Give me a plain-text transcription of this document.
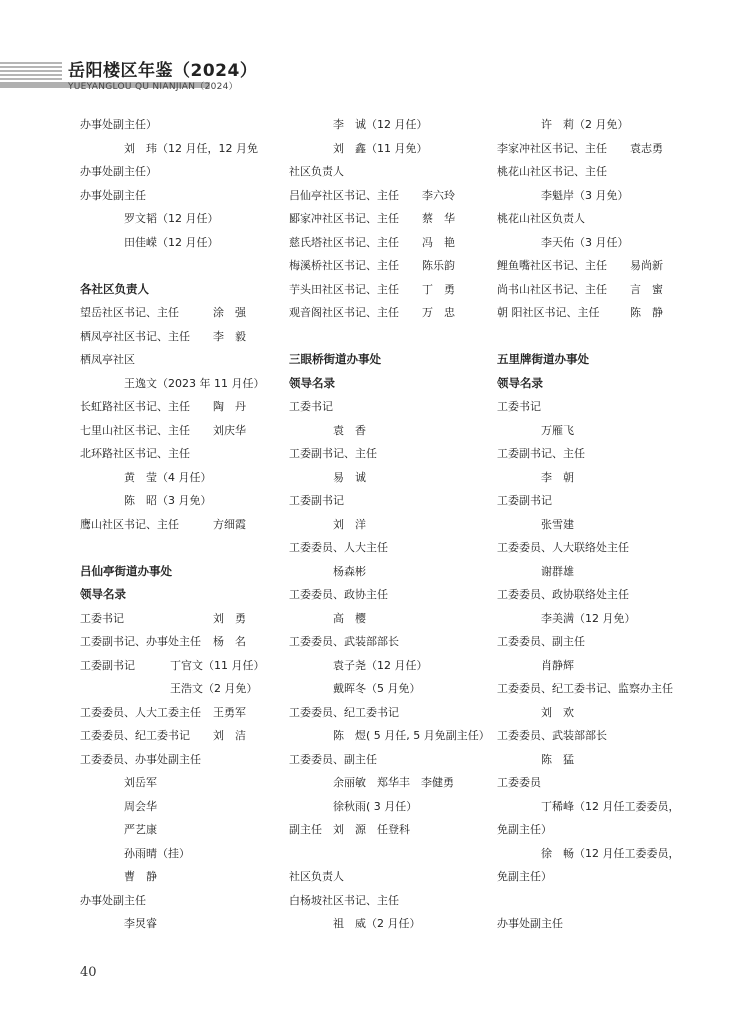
岳阳楼区年鉴（2024）
YUEYANGLOU QU NIANJIAN（2024）
办事处副主任）
刘　玮（12 月任，12 月免
办事处副主任）
办事处副主任
罗文韬（12 月任）
田佳嵘（12 月任）
各社区负责人
望岳社区书记、主任	涂　强
栖凤亭社区书记、主任 李　毅
栖凤亭社区
王逸文（2023 年 11 月任）
长虹路社区书记、主任 陶　丹
七里山社区书记、主任 刘庆华
北环路社区书记、主任
黄　莹（4 月任）
陈　昭（3 月免）
鹰山社区书记、主任	方细霞
吕仙亭街道办事处
领导名录
工委书记	刘　勇
工委副书记、办事处主任 杨　名
工委副书记	丁官文（11 月任）
王浩文（2 月免）
工委委员、人大工委主任 王勇军
工委委员、纪工委书记 刘　洁
工委委员、办事处副主任
刘岳军
周会华
严艺康
孙雨晴（挂）
曹　静
办事处副主任
李炅睿
李　诚（12 月任）
刘　鑫（11 月免）
社区负责人
吕仙亭社区书记、主任 李六玲
郾家冲社区书记、主任 蔡　华
慈氏塔社区书记、主任 冯　艳
梅溪桥社区书记、主任 陈乐韵
芋头田社区书记、主任 丁　勇
观音阁社区书记、主任 万　忠
三眼桥街道办事处
领导名录
工委书记
袁　香
工委副书记、主任
易　诚
工委副书记
刘　洋
工委委员、人大主任
杨森彬
工委委员、政协主任
高　樱
工委委员、武装部部长
袁子尧（12 月任）
戴晖冬（5 月免）
工委委员、纪工委书记
陈　煜( 5 月任, 5 月免副主任）
工委委员、副主任
余丽敏　郑华丰　李健勇
徐秋雨( 3 月任）
副主任 刘　源　任登科
社区负责人
白杨坡社区书记、主任
祖　威（2 月任）
许　莉（2 月免）
李家冲社区书记、主任 袁志勇
桃花山社区书记、主任
李魁岸（3 月免）
桃花山社区负责人
李天佑（3 月任）
鲤鱼嘴社区书记、主任 易尚新
尚书山社区书记、主任 言　蜜
朝 阳社区书记、主任	陈　静
五里牌街道办事处
领导名录
工委书记
万雁飞
工委副书记、主任
李　朝
工委副书记
张雪建
工委委员、人大联络处主任
谢群雄
工委委员、政协联络处主任
李美满（12 月免）
工委委员、副主任
肖静辉
工委委员、纪工委书记、监察办主任
刘　欢
工委委员、武装部部长
陈　猛
工委委员
丁稀峰（12 月任工委委员，
免副主任）
徐　畅（12 月任工委委员，
免副主任）
办事处副主任
40
